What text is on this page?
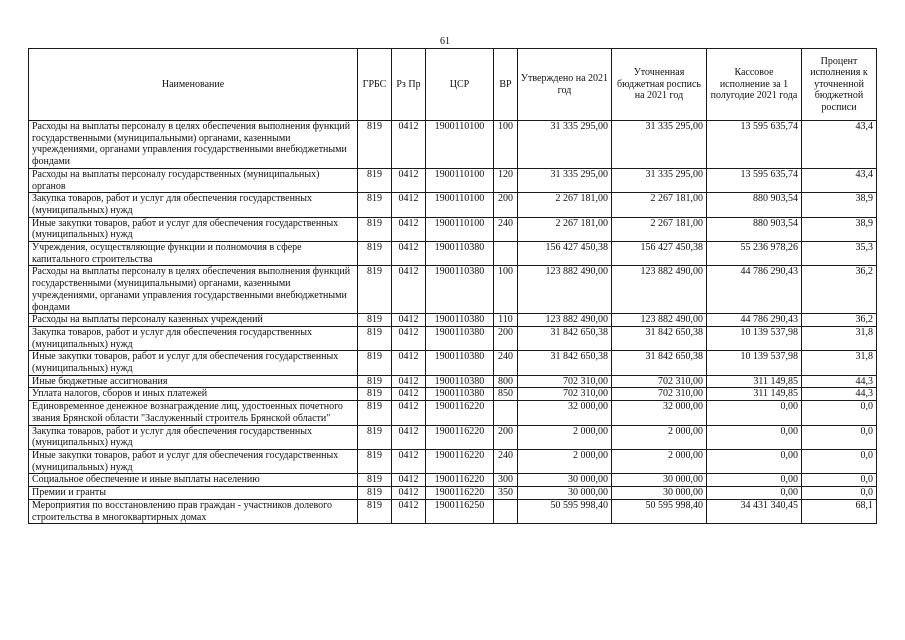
61
Наименование	ГРБС	Рз Пр	ЦСР	ВР	Утверждено на 2021 год	Уточненная бюджетная роспись на 2021 год	Кассовое исполнение за 1 полугодие 2021 года	Процент исполнения к уточненной бюджетной росписи
Расходы на выплаты персоналу в целях обеспечения выполнения функций государственными (муниципальными) органами, казенными учреждениями, органами управления государственными внебюджетными фондами	819	0412	1900110100	100	31 335 295,00	31 335 295,00	13 595 635,74	43,4
Расходы на выплаты персоналу государственных (муниципальных) органов	819	0412	1900110100	120	31 335 295,00	31 335 295,00	13 595 635,74	43,4
Закупка товаров, работ и услуг для обеспечения государственных (муниципальных) нужд	819	0412	1900110100	200	2 267 181,00	2 267 181,00	880 903,54	38,9
Иные закупки товаров, работ и услуг для обеспечения государственных (муниципальных) нужд	819	0412	1900110100	240	2 267 181,00	2 267 181,00	880 903,54	38,9
Учреждения, осуществляющие функции и полномочия в сфере капитального строительства	819	0412	1900110380		156 427 450,38	156 427 450,38	55 236 978,26	35,3
Расходы на выплаты персоналу в целях обеспечения выполнения функций государственными (муниципальными) органами, казенными учреждениями, органами управления государственными внебюджетными фондами	819	0412	1900110380	100	123 882 490,00	123 882 490,00	44 786 290,43	36,2
Расходы на выплаты персоналу казенных учреждений	819	0412	1900110380	110	123 882 490,00	123 882 490,00	44 786 290,43	36,2
Закупка товаров, работ и услуг для обеспечения государственных (муниципальных) нужд	819	0412	1900110380	200	31 842 650,38	31 842 650,38	10 139 537,98	31,8
Иные закупки товаров, работ и услуг для обеспечения государственных (муниципальных) нужд	819	0412	1900110380	240	31 842 650,38	31 842 650,38	10 139 537,98	31,8
Иные бюджетные ассигнования	819	0412	1900110380	800	702 310,00	702 310,00	311 149,85	44,3
Уплата налогов, сборов и иных платежей	819	0412	1900110380	850	702 310,00	702 310,00	311 149,85	44,3
Единовременное денежное вознаграждение лиц, удостоенных почетного звания Брянской области "Заслуженный строитель Брянской области"	819	0412	1900116220		32 000,00	32 000,00	0,00	0,0
Закупка товаров, работ и услуг для обеспечения государственных (муниципальных) нужд	819	0412	1900116220	200	2 000,00	2 000,00	0,00	0,0
Иные закупки товаров, работ и услуг для обеспечения государственных (муниципальных) нужд	819	0412	1900116220	240	2 000,00	2 000,00	0,00	0,0
Социальное обеспечение и иные выплаты населению	819	0412	1900116220	300	30 000,00	30 000,00	0,00	0,0
Премии и гранты	819	0412	1900116220	350	30 000,00	30 000,00	0,00	0,0
Мероприятия по восстановлению прав граждан - участников долевого строительства в многоквартирных домах	819	0412	1900116250		50 595 998,40	50 595 998,40	34 431 340,45	68,1
